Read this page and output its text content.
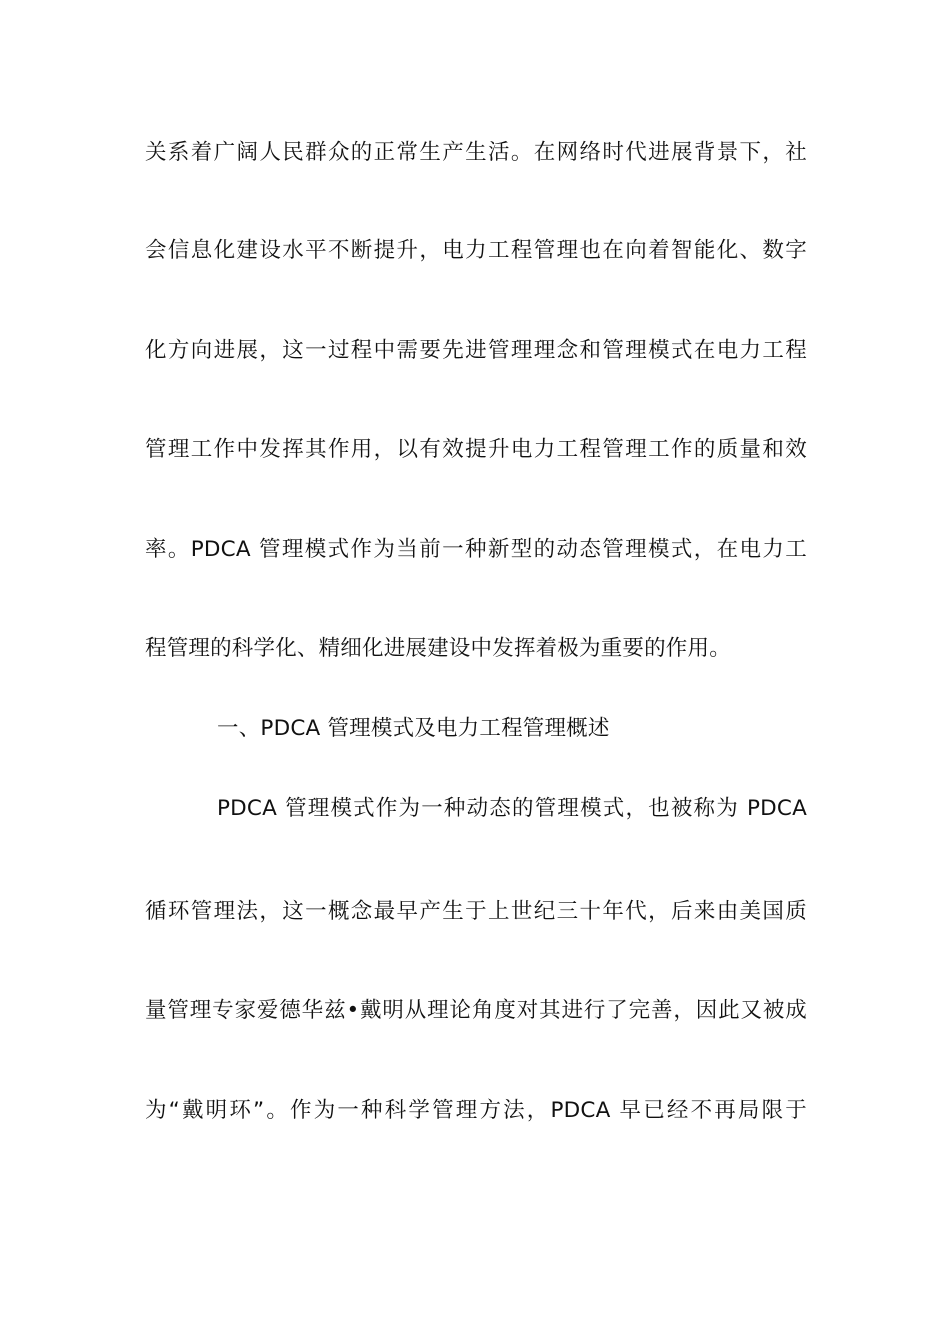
关系着广阔人民群众的正常生产生活。在网络时代进展背景下，社
会信息化建设水平不断提升，电力工程管理也在向着智能化、数字
化方向进展，这一过程中需要先进管理理念和管理模式在电力工程
管理工作中发挥其作用，以有效提升电力工程管理工作的质量和效
率。PDCA 管理模式作为当前一种新型的动态管理模式，在电力工
程管理的科学化、精细化进展建设中发挥着极为重要的作用。
一、PDCA 管理模式及电力工程管理概述
PDCA 管理模式作为一种动态的管理模式，也被称为 PDCA
循环管理法，这一概念最早产生于上世纪三十年代，后来由美国质
量管理专家爱德华兹•戴明从理论角度对其进行了完善，因此又被成
为“戴明环”。作为一种科学管理方法，PDCA 早已经不再局限于
